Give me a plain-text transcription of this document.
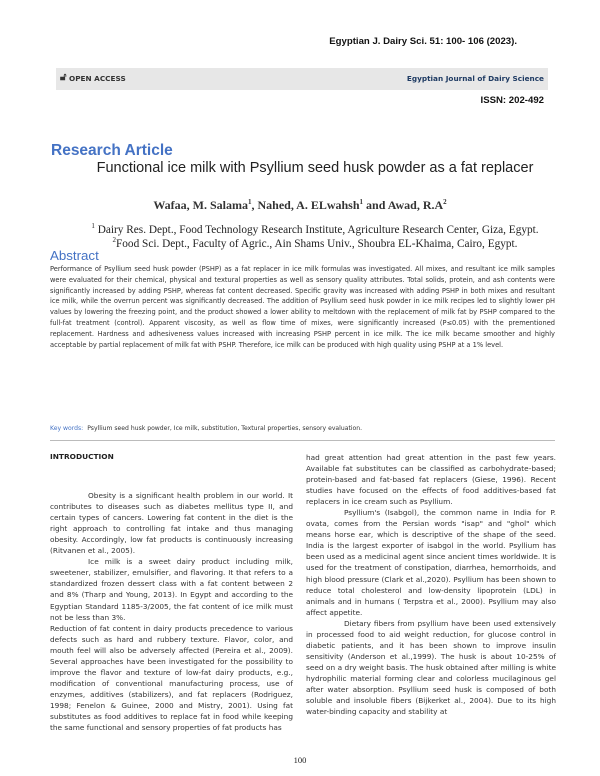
Egyptian J. Dairy Sci. 51: 100- 106 (2023).
🔓︎ OPEN ACCESS	Egyptian Journal of Dairy Science
ISSN: 202-492
Research Article
Functional ice milk with Psyllium seed husk powder as a fat replacer
Wafaa, M. Salama$^1$, Nahed, A. ELwahsh$^1$ and Awad, $R.A^2$
$^1$ Dairy Res. Dept., Food Technology Research Institute, Agriculture Research Center, Giza, Egypt.
$^2$Food Sci. Dept., Faculty of Agric., Ain Shams Univ., Shoubra EL-Khaima, Cairo, Egypt.
Abstract
Performance of Psyllium seed husk powder (PSHP) as a fat replacer in ice milk formulas was investigated. All mixes, and resultant ice milk samples were evaluated for their chemical, physical and textural properties as well as sensory quality attributes. Total solids, protein, and ash contents were significantly increased by adding PSHP, whereas fat content decreased. Specific gravity was increased with adding PSHP in both mixes and resultant ice milk, while the overrun percent was significantly decreased. The addition of Psyllium seed husk powder in ice milk recipes led to slightly lower pH values by lowering the freezing point, and the product showed a lower ability to meltdown with the replacement of milk fat by PSHP compared to the full-fat treatment (control). Apparent viscosity, as well as flow time of mixes, were significantly increased (P≤0.05) with the prementioned replacement. Hardness and adhesiveness values increased with increasing PSHP percent in ice milk. The ice milk became smoother and highly acceptable by partial replacement of milk fat with PSHP. Therefore, ice milk can be produced with high quality using PSHP at a 1% level.
Key words: Psyllium seed husk powder, Ice milk, substitution, Textural properties, sensory evaluation.

INTRODUCTION

Obesity is a significant health problem in our world. It contributes to diseases such as diabetes mellitus type II, and certain types of cancers. Lowering fat content in the diet is the right approach to controlling fat intake and thus managing obesity. Accordingly, low fat products is continuously increasing (Ritvanen et al., 2005).

Ice milk is a sweet dairy product including milk, sweetener, stabilizer, emulsifier, and flavoring. It that refers to a standardized frozen dessert class with a fat content between 2 and 8% (Tharp and Young, 2013). In Egypt and according to the Egyptian Standard 1185-3/2005, the fat content of ice milk must not be less than 3%.

Reduction of fat content in dairy products precedence to various defects such as hard and rubbery texture. Flavor, color, and mouth feel will also be adversely affected (Pereira et al., 2009). Several approaches have been investigated for the possibility to improve the flavor and texture of low-fat dairy products, e.g., modification of conventional manufacturing process, use of enzymes, additives (stabilizers), and fat replacers (Rodriguez, 1998; Fenelon & Guinee, 2000 and Mistry, 2001). Using fat substitutes as food additives to replace fat in food while keeping the same functional and sensory properties of fat products has

had great attention had great attention in the past few years. Available fat substitutes can be classified as carbohydrate-based; protein-based and fat-based fat replacers (Giese, 1996). Recent studies have focused on the effects of food additives-based fat replacers in ice cream such as Psyllium.

Psyllium's (Isabgol), the common name in India for P. ovata, comes from the Persian words "isap" and "ghol" which means horse ear, which is descriptive of the shape of the seed. India is the largest exporter of isabgol in the world. Psyllium has been used as a medicinal agent since ancient times worldwide. It is used for the treatment of constipation, diarrhea, hemorrhoids, and high blood pressure (Clark et al.,2020). Psyllium has been shown to reduce total cholesterol and low-density lipoprotein (LDL) in animals and in humans ( Terpstra et al., 2000). Psyllium may also affect appetite.

Dietary fibers from psyllium have been used extensively in processed food to aid weight reduction, for glucose control in diabetic patients, and it has been shown to improve insulin sensitivity (Anderson et al.,1999). The husk is about 10-25% of seed on a dry weight basis. The husk obtained after milling is white hydrophilic material forming clear and colorless mucilaginous gel after water absorption. Psyllium seed husk is composed of both soluble and insoluble fibers (Bijkerket al., 2004). Due to its high water-binding capacity and stability at

100
